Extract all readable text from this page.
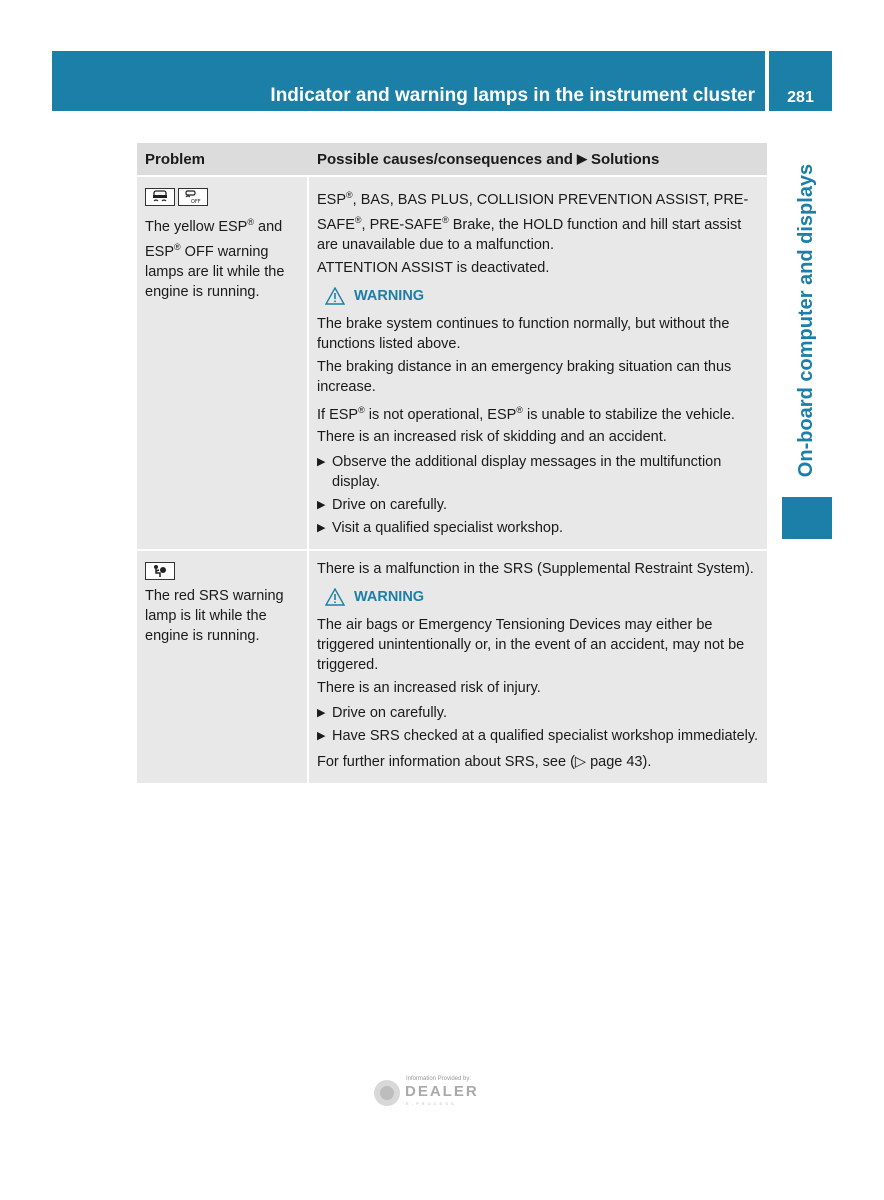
Indicator and warning lamps in the instrument cluster	281
On-board computer and displays
Problem	Possible causes/consequences and ▶ Solutions
OFF
The yellow ESP® and ESP® OFF warning lamps are lit while the engine is running.

ESP®, BAS, BAS PLUS, COLLISION PREVENTION ASSIST, PRE-SAFE®, PRE-SAFE® Brake, the HOLD function and hill start assist are unavailable due to a malfunction.

ATTENTION ASSIST is deactivated.

WARNING

The brake system continues to function normally, but without the functions listed above.

The braking distance in an emergency braking situation can thus increase.

If ESP® is not operational, ESP® is unable to stabilize the vehicle.

There is an increased risk of skidding and an accident.

▶ Observe the additional display messages in the multifunction display.
▶ Drive on carefully.
▶ Visit a qualified specialist workshop.
The red SRS warning lamp is lit while the engine is running.

There is a malfunction in the SRS (Supplemental Restraint System).

WARNING

The air bags or Emergency Tensioning Devices may either be triggered unintentionally or, in the event of an accident, may not be triggered.

There is an increased risk of injury.

▶ Drive on carefully.
▶ Have SRS checked at a qualified specialist workshop immediately.

For further information about SRS, see (▷ page 43).

Information Provided by:
DEALER
E-PROCESS
